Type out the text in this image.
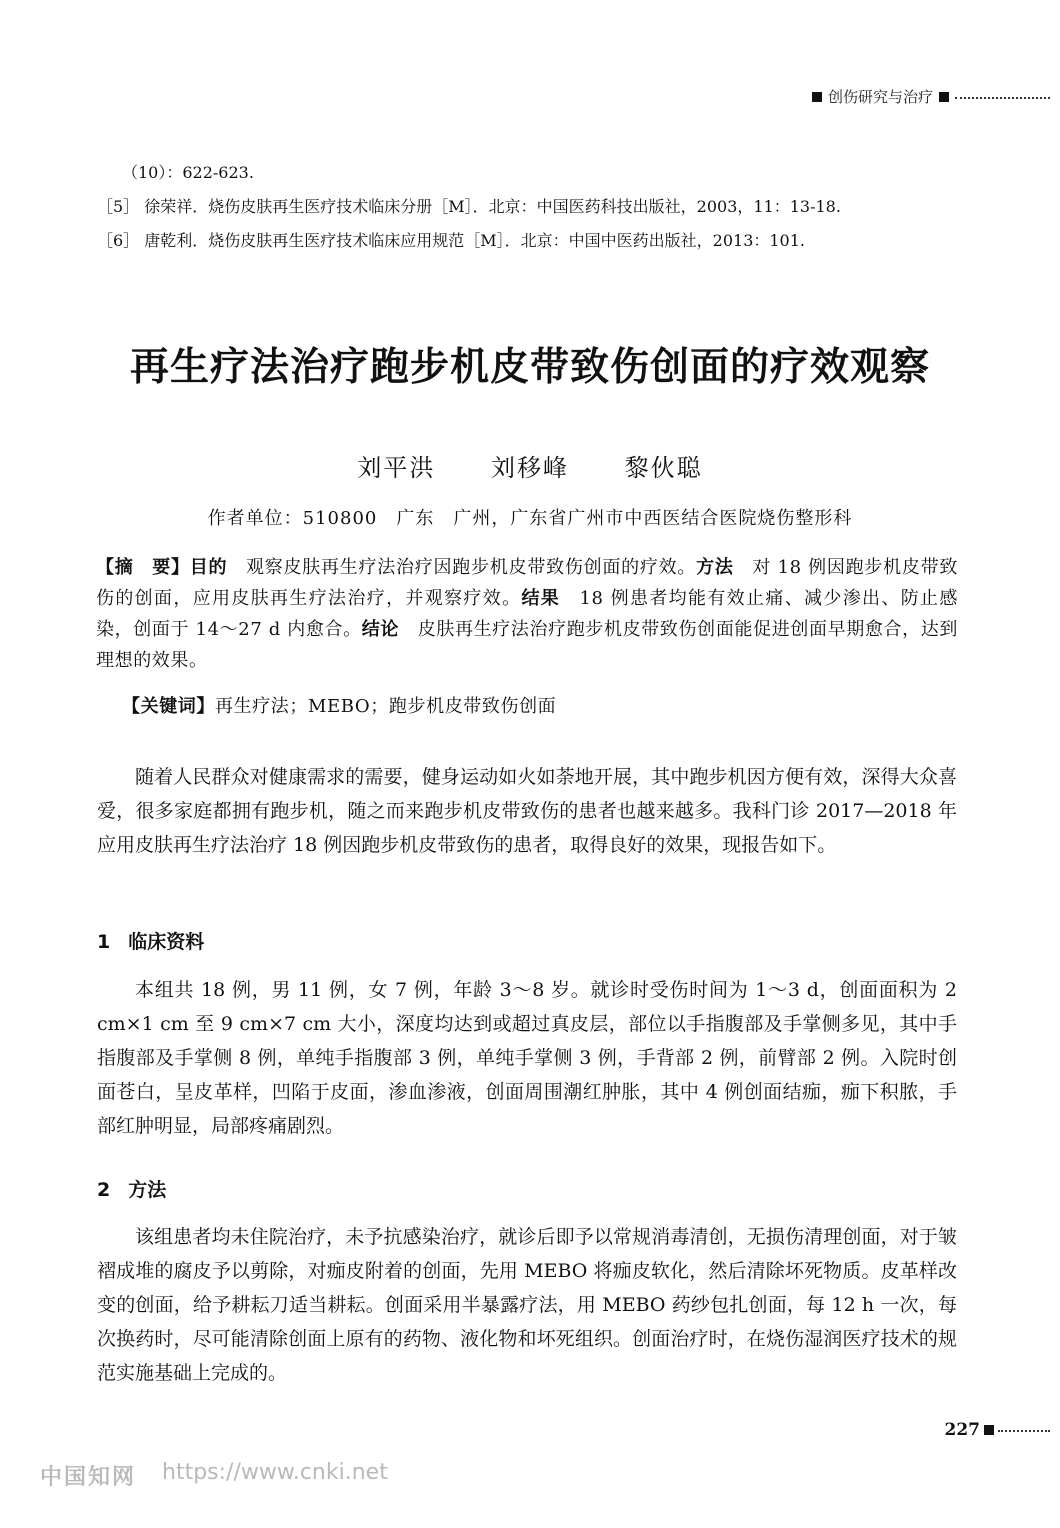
创伤研究与治疗
（10）：622-623.
［5］ 徐荣祥．烧伤皮肤再生医疗技术临床分册［M］．北京：中国医药科技出版社，2003，11：13-18.
［6］ 唐乾利．烧伤皮肤再生医疗技术临床应用规范［M］．北京：中国中医药出版社，2013：101.
再生疗法治疗跑步机皮带致伤创面的疗效观察
刘平洪 刘移峰 黎伙聪
作者单位：510800　广东　广州，广东省广州市中西医结合医院烧伤整形科
【摘　要】目的　 观察皮肤再生疗法治疗因跑步机皮带致伤创面的疗效。方法　 对 18 例因跑步机皮带致伤的创面，应用皮肤再生疗法治疗，并观察疗效。结果　 18 例患者均能有效止痛、减少渗出、防止感染，创面于 14～27 d 内愈合。结论　 皮肤再生疗法治疗跑步机皮带致伤创面能促进创面早期愈合，达到理想的效果。
【关键词】再生疗法；MEBO；跑步机皮带致伤创面
随着人民群众对健康需求的需要，健身运动如火如荼地开展，其中跑步机因方便有效，深得大众喜爱，很多家庭都拥有跑步机，随之而来跑步机皮带致伤的患者也越来越多。我科门诊 2017—2018 年应用皮肤再生疗法治疗 18 例因跑步机皮带致伤的患者，取得良好的效果，现报告如下。
1 临床资料
本组共 18 例，男 11 例，女 7 例，年龄 3～8 岁。就诊时受伤时间为 1～3 d，创面面积为 2 cm×1 cm 至 9 cm×7 cm 大小，深度均达到或超过真皮层，部位以手指腹部及手掌侧多见，其中手指腹部及手掌侧 8 例，单纯手指腹部 3 例，单纯手掌侧 3 例，手背部 2 例，前臂部 2 例。入院时创面苍白，呈皮革样，凹陷于皮面，渗血渗液，创面周围潮红肿胀，其中 4 例创面结痂，痂下积脓，手部红肿明显，局部疼痛剧烈。
2 方法
该组患者均未住院治疗，未予抗感染治疗，就诊后即予以常规消毒清创，无损伤清理创面，对于皱褶成堆的腐皮予以剪除，对痂皮附着的创面，先用 MEBO 将痂皮软化，然后清除坏死物质。皮革样改变的创面，给予耕耘刀适当耕耘。创面采用半暴露疗法，用 MEBO 药纱包扎创面，每 12 h 一次，每次换药时，尽可能清除创面上原有的药物、液化物和坏死组织。创面治疗时，在烧伤湿润医疗技术的规范实施基础上完成的。
227
中国知网 https://www.cnki.net
